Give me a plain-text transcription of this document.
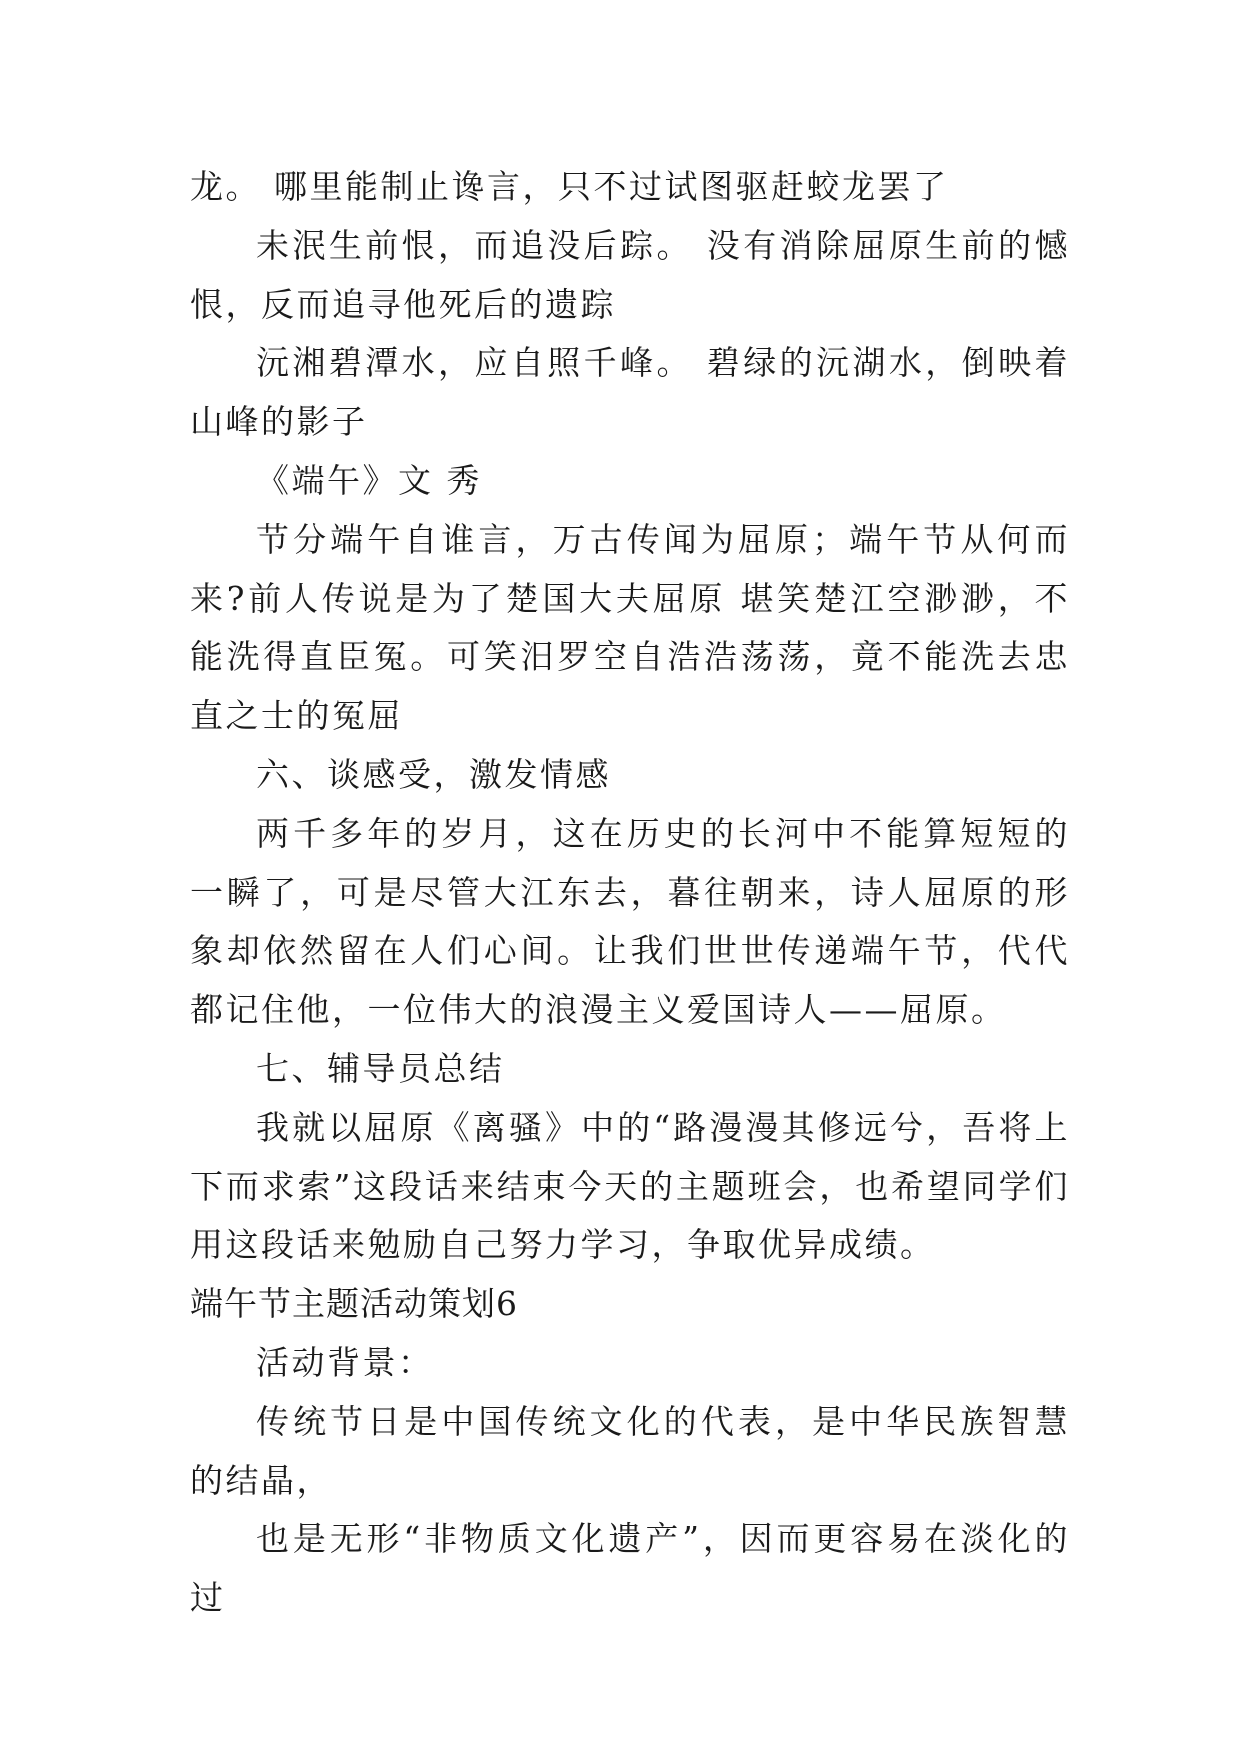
龙。 哪里能制止谗言，只不过试图驱赶蛟龙罢了

未泯生前恨，而追没后踪。 没有消除屈原生前的憾恨，反而追寻他死后的遗踪

沅湘碧潭水，应自照千峰。 碧绿的沅湖水，倒映着山峰的影子

《端午》文 秀

节分端午自谁言，万古传闻为屈原；端午节从何而来?前人传说是为了楚国大夫屈原 堪笑楚江空渺渺，不能洗得直臣冤。可笑汨罗空自浩浩荡荡，竟不能洗去忠直之士的冤屈

六、谈感受，激发情感

两千多年的岁月，这在历史的长河中不能算短短的一瞬了，可是尽管大江东去，暮往朝来，诗人屈原的形象却依然留在人们心间。让我们世世传递端午节，代代都记住他，一位伟大的浪漫主义爱国诗人——屈原。

七、辅导员总结

我就以屈原《离骚》中的“路漫漫其修远兮，吾将上下而求索”这段话来结束今天的主题班会，也希望同学们用这段话来勉励自己努力学习，争取优异成绩。

端午节主题活动策划6

活动背景：

传统节日是中国传统文化的代表，是中华民族智慧的结晶，

也是无形“非物质文化遗产”，因而更容易在淡化的过
